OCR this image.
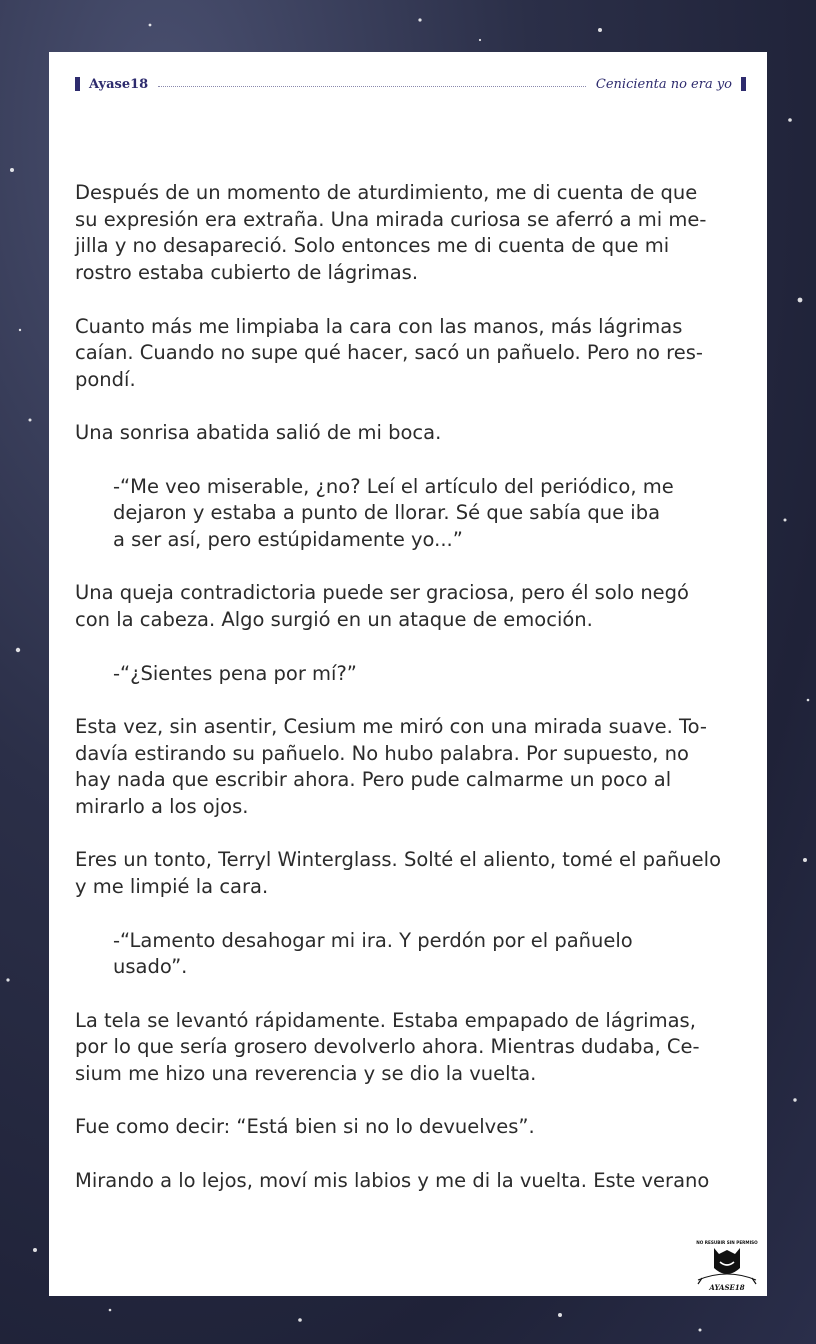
Ayase18	Cenicienta no era yo

Después de un momento de aturdimiento, me di cuenta de que
su expresión era extraña. Una mirada curiosa se aferró a mi me-
jilla y no desapareció. Solo entonces me di cuenta de que mi
rostro estaba cubierto de lágrimas.

Cuanto más me limpiaba la cara con las manos, más lágrimas
caían. Cuando no supe qué hacer, sacó un pañuelo. Pero no res-
pondí.

Una sonrisa abatida salió de mi boca.

-“Me veo miserable, ¿no? Leí el artículo del periódico, me
dejaron y estaba a punto de llorar. Sé que sabía que iba
a ser así, pero estúpidamente yo...”

Una queja contradictoria puede ser graciosa, pero él solo negó
con la cabeza. Algo surgió en un ataque de emoción.

-“¿Sientes pena por mí?”

Esta vez, sin asentir, Cesium me miró con una mirada suave. To-
davía estirando su pañuelo. No hubo palabra. Por supuesto, no
hay nada que escribir ahora. Pero pude calmarme un poco al
mirarlo a los ojos.

Eres un tonto, Terryl Winterglass. Solté el aliento, tomé el pañuelo
y me limpié la cara.

-“Lamento desahogar mi ira. Y perdón por el pañuelo
usado”.

La tela se levantó rápidamente. Estaba empapado de lágrimas,
por lo que sería grosero devolverlo ahora. Mientras dudaba, Ce-
sium me hizo una reverencia y se dio la vuelta.

Fue como decir: “Está bien si no lo devuelves”.

Mirando a lo lejos, moví mis labios y me di la vuelta. Este verano

NO RESUBIR SIN PERMISO
AYASE18
